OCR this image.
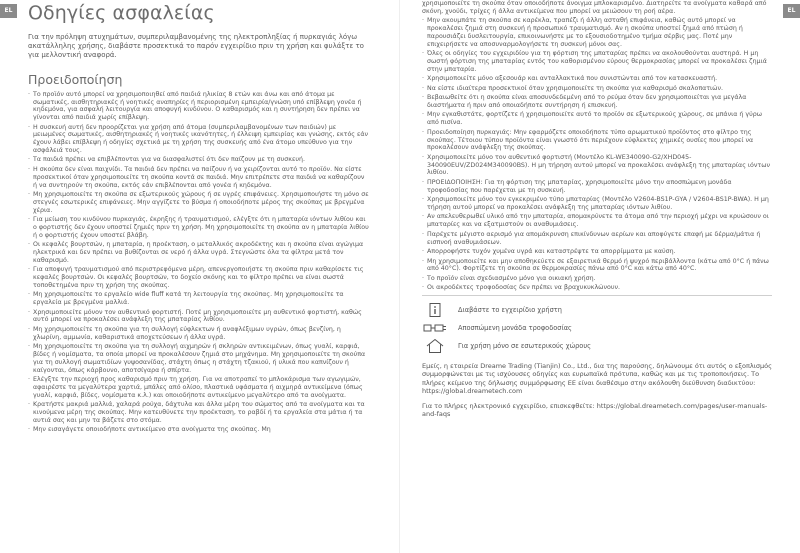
EL Οδηγίες ασφαλείας

Για την πρόληψη ατυχημάτων, συμπεριλαμβανομένης της ηλεκτροπληξίας ή πυρκαγιάς λόγω ακατάλληλης χρήσης, διαβάστε προσεκτικά το παρόν εγχειρίδιο πριν τη χρήση και φυλάξτε το για μελλοντική αναφορά.

Προειδοποίηση
· Το προϊόν αυτό μπορεί να χρησιμοποιηθεί από παιδιά ηλικίας 8 ετών και άνω και από άτομα με σωματικές, αισθητηριακές ή νοητικές αναπηρίες ή περιορισμένη εμπειρία/γνώση υπό επίβλεψη γονέα ή κηδεμόνα, για ασφαλή λειτουργία και αποφυγή κινδύνου. Ο καθαρισμός και η συντήρηση δεν πρέπει να γίνονται από παιδιά χωρίς επίβλεψη.
· Η συσκευή αυτή δεν προορίζεται για χρήση από άτομα (συμπεριλαμβανομένων των παιδιών) με μειωμένες σωματικές, αισθητηριακές ή νοητικές ικανότητες, ή έλλειψη εμπειρίας και γνώσης, εκτός εάν έχουν λάβει επίβλεψη ή οδηγίες σχετικά με τη χρήση της συσκευής από ένα άτομο υπεύθυνο για την ασφάλειά τους.
· Τα παιδιά πρέπει να επιβλέπονται για να διασφαλιστεί ότι δεν παίζουν με τη συσκευή.
· Η σκούπα δεν είναι παιχνίδι. Τα παιδιά δεν πρέπει να παίζουν ή να χειρίζονται αυτό το προϊόν. Να είστε προσεκτικοί όταν χρησιμοποιείτε τη σκούπα κοντά σε παιδιά. Μην επιτρέπετε στα παιδιά να καθαρίζουν ή να συντηρούν τη σκούπα, εκτός εάν επιβλέπονται από γονέα ή κηδεμόνα.
· Μη χρησιμοποιείτε τη σκούπα σε εξωτερικούς χώρους ή σε υγρές επιφάνειες. Χρησιμοποιήστε τη μόνο σε στεγνές εσωτερικές επιφάνειες. Μην αγγίζετε το βύσμα ή οποιοδήποτε μέρος της σκούπας με βρεγμένα χέρια.
· Για μείωση του κινδύνου πυρκαγιάς, έκρηξης ή τραυματισμού, ελέγξτε ότι η μπαταρία ιόντων λιθίου και ο φορτιστής δεν έχουν υποστεί ζημιές πριν τη χρήση. Μη χρησιμοποιείτε τη σκούπα αν η μπαταρία λιθίου ή ο φορτιστής έχουν υποστεί βλάβη.
· Οι κεφαλές βουρτσών, η μπαταρία, η προέκταση, ο μεταλλικός ακροδέκτης και η σκούπα είναι αγώγιμα ηλεκτρικά και δεν πρέπει να βυθίζονται σε νερό ή άλλα υγρά. Στεγνώστε όλα τα φίλτρα μετά τον καθαρισμό.
· Για αποφυγή τραυματισμού από περιστρεφόμενα μέρη, απενεργοποιήστε τη σκούπα πριν καθαρίσετε τις κεφαλές βουρτσών. Οι κεφαλές βουρτσών, το δοχείο σκόνης και το φίλτρο πρέπει να είναι σωστά τοποθετημένα πριν τη χρήση της σκούπας.
· Μη χρησιμοποιείτε το εργαλείο wide fluff κατά τη λειτουργία της σκούπας. Μη χρησιμοποιείτε τα εργαλεία με βρεγμένα μαλλιά.
· Χρησιμοποιείτε μόνον τον αυθεντικό φορτιστή. Ποτέ μη χρησιμοποιείτε μη αυθεντικό φορτιστή, καθώς αυτό μπορεί να προκαλέσει ανάφλεξη της μπαταρίας λιθίου.
· Μη χρησιμοποιείτε τη σκούπα για τη συλλογή εύφλεκτων ή αναφλέξιμων υγρών, όπως βενζίνη, η χλωρίνη, αμμωνία, καθαριστικά αποχετεύσεων ή άλλα υγρά.
· Μη χρησιμοποιείτε τη σκούπα για τη συλλογή αιχμηρών ή σκληρών αντικειμένων, όπως γυαλί, καρφιά, βίδες ή νομίσματα, τα οποία μπορεί να προκαλέσουν ζημιά στο μηχάνημα. Μη χρησιμοποιείτε τη σκούπα για τη συλλογή σωματιδίων γυψοσανίδας, στάχτη όπως η στάχτη τζακιού, ή υλικά που καπνίζουν ή καίγονται, όπως κάρβουνο, αποτσίγαρα ή σπίρτα.
· Ελέγξτε την περιοχή προς καθαρισμό πριν τη χρήση. Για να αποτραπεί το μπλοκάρισμα των αγωγιμών, αφαιρέστε τα μεγαλύτερα χαρτιά, μπάλες από ολίσο, πλαστικά υφάσματα ή αιχμηρά αντικείμενα (όπως γυαλί, καρφιά, βίδες, νομίσματα κ.λ.) και οποιοδήποτε αντικείμενο μεγαλύτερο από τα ανοίγματα.
· Κρατήστε μακριά μαλλιά, χαλαρά ρούχα, δάχτυλα και άλλα μέρη του σώματος από τα ανοίγματα και τα κινούμενα μέρη της σκούπας. Μην κατευθύνετε την προέκταση, το ραβδί ή τα εργαλεία στα μάτια ή τα αυτιά σας και μην τα βάζετε στο στόμα.
· Μην εισαγάγετε οποιοδήποτε αντικείμενο στα ανοίγματα της σκούπας. Μη
EL
χρησιμοποιείτε τη σκούπα όταν οποιοδήποτε άνοιγμα μπλοκαρισμένο. Διατηρείτε τα ανοίγματα καθαρά από σκόνη, χνούδι, τρίχες ή άλλα αντικείμενα που μπορεί να μειώσουν τη ροή αέρα.
· Μην ακουμπάτε τη σκούπα σε καρέκλα, τραπέζι ή άλλη ασταθή επιφάνεια, καθώς αυτό μπορεί να προκαλέσει ζημιά στη συσκευή ή προσωπικό τραυματισμό. Αν η σκούπα υποστεί ζημιά από πτώση ή παρουσιάζει δυσλειτουργία, επικοινωνήστε με το εξουσιοδοτημένο τμήμα σέρβις μας. Ποτέ μην επιχειρήσετε να αποσυναρμολογήσετε τη συσκευή μόνοι σας.
· Όλες οι οδηγίες του εγχειριδίου για τη φόρτιση της μπαταρίας πρέπει να ακολουθούνται αυστηρά. Η μη σωστή φόρτιση της μπαταρίας εντός του καθορισμένου εύρους θερμοκρασίας μπορεί να προκαλέσει ζημιά στην μπαταρία.
· Χρησιμοποιείτε μόνο αξεσουάρ και ανταλλακτικά που συνιστώνται από τον κατασκευαστή.
· Να είστε ιδιαίτερα προσεκτικοί όταν χρησιμοποιείτε τη σκούπα για καθαρισμό σκαλοπατιών.
· Βεβαιωθείτε ότι η σκούπα είναι αποσυνδεδεμένη από το ρεύμα όταν δεν χρησιμοποιείται για μεγάλα διαστήματα ή πριν από οποιαδήποτε συντήρηση ή επισκευή.
· Μην εγκαθιστάτε, φορτίζετε ή χρησιμοποιείτε αυτό το προϊόν σε εξωτερικούς χώρους, σε μπάνια ή γύρω από πισίνα.
· Προειδοποίηση πυρκαγιάς: Μην εφαρμόζετε οποιοδήποτε τύπο αρωματικού προϊόντος στο φίλτρο της σκούπας. Τέτοιου τύπου προϊόντα είναι γνωστό ότι περιέχουν εύφλεκτες χημικές ουσίες που μπορεί να προκαλέσουν ανάφλεξη της σκούπας.
· Χρησιμοποιείτε μόνο τον αυθεντικό φορτιστή (Μοντέλο KL-WE340090-G2/XHD045-340090EUV/ZD024M340090BS). Η μη τήρηση αυτού μπορεί να προκαλέσει ανάφλεξη της μπαταρίας ιόντων λιθίου.
· ΠΡΟΕΙΔΟΠΟΙΗΣΗ: Για τη φόρτιση της μπαταρίας, χρησιμοποιείτε μόνο την αποσπώμενη μονάδα τροφοδοσίας που παρέχεται με τη συσκευή.
· Χρησιμοποιείτε μόνο τον εγκεκριμένο τύπο μπαταρίας (Μοντέλο V2604-BS1P-GYA / V2604-BS1P-BWA). Η μη τήρηση αυτού μπορεί να προκαλέσει ανάφλεξη της μπαταρίας ιόντων λιθίου.
· Αν απελευθερωθεί υλικό από την μπαταρία, απομακρύνετε τα άτομα από την περιοχή μέχρι να κρυώσουν οι μπαταρίες και να εξατμιστούν οι αναθυμιάσεις.
· Παρέχετε μέγιστο αερισμό για απομάκρυνση επικίνδυνων αερίων και αποφύγετε επαφή με δέρμα/μάτια ή εισπνοή αναθυμιάσεων.
· Απορροφήστε τυχόν χυμένα υγρά και καταστρέψτε τα απορρίμματα με καύση.
· Μη χρησιμοποιείτε και μην αποθηκεύετε σε εξαιρετικά θερμό ή ψυχρό περιβάλλοντα (κάτω από 0°C ή πάνω από 40°C). Φορτίζετε τη σκούπα σε θερμοκρασίες πάνω από 0°C και κάτω από 40°C.
· Το προϊόν είναι σχεδιασμένο μόνο για οικιακή χρήση.
· Οι ακροδέκτες τροφοδοσίας δεν πρέπει να βραχυκυκλώνουν.
Διαβάστε το εγχειρίδιο χρήστη
Αποσπώμενη μονάδα τροφοδοσίας
Για χρήση μόνο σε εσωτερικούς χώρους

Εμείς, η εταιρεία Dreame Trading (Tianjin) Co., Ltd., δια της παρούσης, δηλώνουμε ότι αυτός ο εξοπλισμός συμμορφώνεται με τις ισχύουσες οδηγίες και ευρωπαϊκά πρότυπα, καθώς και με τις τροποποιήσεις. Το πλήρες κείμενο της δήλωσης συμμόρφωσης ΕΕ είναι διαθέσιμο στην ακόλουθη διεύθυνση διαδικτύου: https://global.dreametech.com

Για το πλήρες ηλεκτρονικό εγχειρίδιο, επισκεφθείτε: https://global.dreametech.com/pages/user-manuals-and-faqs
